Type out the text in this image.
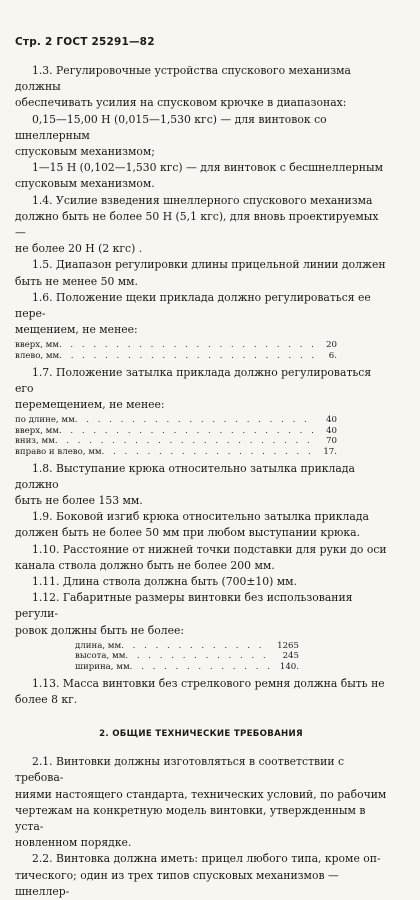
Стр. 2 ГОСТ 25291—82

1.3. Регулировочные устройства спускового механизма должны

обеспечивать усилия на спусковом крючке в диапазонах:

0,15—15,00 Н (0,015—1,530 кгс) — для винтовок со шнеллерным

спусковым механизмом;

1—15 Н (0,102—1,530 кгс) — для винтовок с бесшнеллерным

спусковым механизмом.

1.4. Усилие взведения шнеллерного спускового механизма

должно быть не более 50 Н (5,1 кгс), для вновь проектируемых —

не более 20 Н (2 кгс) .

1.5. Диапазон регулировки длины прицельной линии должен

быть не менее 50 мм.

1.6. Положение щеки приклада должно регулироваться ее пере-

мещением, не менее:

вверх, мм . . .	20
влево, мм . . .	6.

1.7. Положение затылка приклада должно регулироваться его

перемещением, не менее:

по длине, мм . . .	40
вверх, мм . . .	40
вниз, мм . . .	70
вправо и влево, мм . . .	17.

1.8. Выступание крюка относительно затылка приклада должно

быть не более 153 мм.

1.9. Боковой изгиб крюка относительно затылка приклада

должен быть не более 50 мм при любом выступании крюка.

1.10. Расстояние от нижней точки подставки для руки до оси

канала ствола должно быть не более 200 мм.

1.11. Длина ствола должна быть (700±10) мм.

1.12. Габаритные размеры винтовки без использования регули-

ровок должны быть не более:

длина, мм . . .	1265
высота, мм . . .	245
ширина, мм . . .	140.

1.13. Масса винтовки без стрелкового ремня должна быть не

более 8 кг.

2. ОБЩИЕ ТЕХНИЧЕСКИЕ ТРЕБОВАНИЯ

2.1. Винтовки должны изготовляться в соответствии с требова-

ниями настоящего стандарта, технических условий, по рабочим

чертежам на конкретную модель винтовки, утвержденным в уста-

новленном порядке.

2.2. Винтовка должна иметь: прицел любого типа, кроме оп-

тического; один из трех типов спусковых механизмов — шнеллер-
